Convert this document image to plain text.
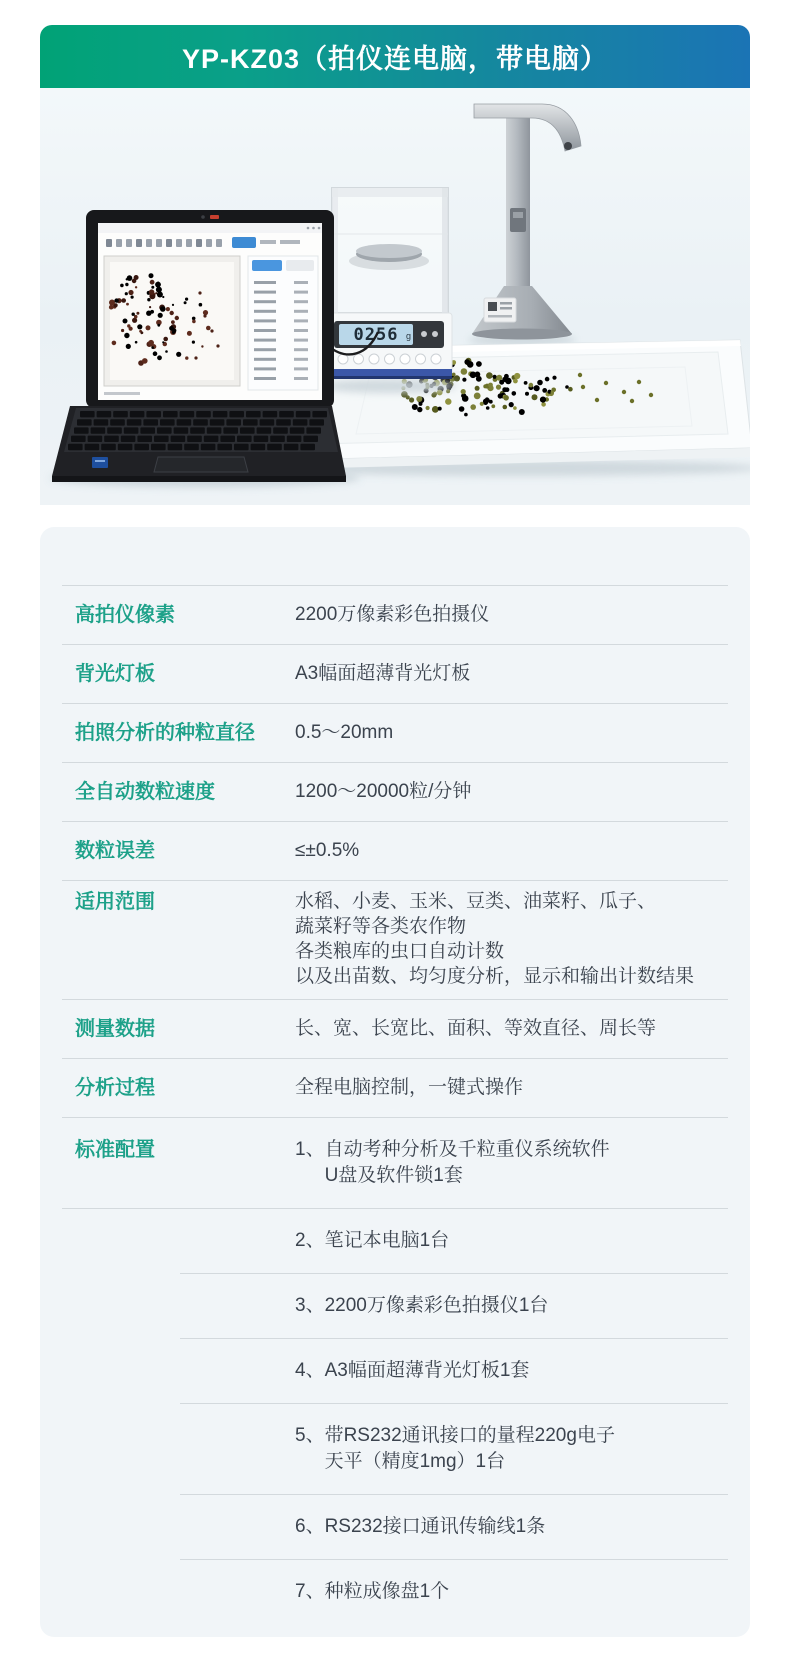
YP-KZ03（拍仪连电脑，带电脑）
0256 g
高拍仪像素	2200万像素彩色拍摄仪
背光灯板	A3幅面超薄背光灯板
拍照分析的种粒直径	0.5～20mm
全自动数粒速度	1200～20000粒/分钟
数粒误差	≤±0.5%
适用范围	水稻、小麦、玉米、豆类、油菜籽、瓜子、
蔬菜籽等各类农作物
各类粮库的虫口自动计数
以及出苗数、均匀度分析，显示和输出计数结果
测量数据	长、宽、长宽比、面积、等效直径、周长等
分析过程	全程电脑控制，一键式操作
标准配置	1、 自动考种分析及千粒重仪系统软件
U盘及软件锁1套
2、 笔记本电脑1台
3、 2200万像素彩色拍摄仪1台
4、 A3幅面超薄背光灯板1套
5、 带RS232通讯接口的量程220g电子
天平（精度1mg）1台
6、 RS232接口通讯传输线1条
7、 种粒成像盘1个
